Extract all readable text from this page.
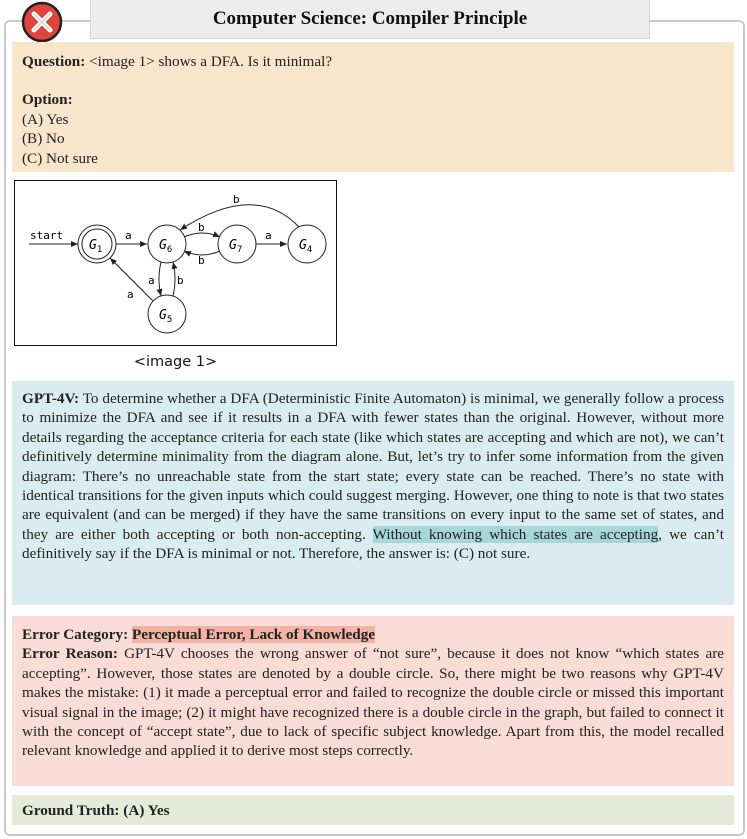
Computer Science: Compiler Principle

Question: <image 1> shows a DFA. Is it minimal?

Option:

(A) Yes

(B) No

(C) Not sure

start
$G_1$	$G_6$	$G_7$	$G_4$
$G_5$
a
b
b
a
b
a b
a
<image 1>
GPT-4V: To determine whether a DFA (Deterministic Finite Automaton) is minimal, we generally follow a process to minimize the DFA and see if it results in a DFA with fewer states than the original. However, without more details regarding the acceptance criteria for each state (like which states are accepting and which are not), we can’t definitively determine minimality from the diagram alone. But, let’s try to infer some information from the given diagram: There’s no unreachable state from the start state; every state can be reached. There’s no state with identical transitions for the given inputs which could suggest merging. However, one thing to note is that two states are equivalent (and can be merged) if they have the same transitions on every input to the same set of states, and they are either both accepting or both non-accepting. Without knowing which states are accepting, we can’t definitively say if the DFA is minimal or not. Therefore, the answer is: (C) not sure.
Error Category: Perceptual Error, Lack of Knowledge
Error Reason: GPT-4V chooses the wrong answer of “not sure”, because it does not know “which states are accepting”. However, those states are denoted by a double circle. So, there might be two reasons why GPT-4V makes the mistake: (1) it made a perceptual error and failed to recognize the double circle or missed this important visual signal in the image; (2) it might have recognized there is a double circle in the graph, but failed to connect it with the concept of “accept state”, due to lack of specific subject knowledge. Apart from this, the model recalled relevant knowledge and applied it to derive most steps correctly.
Ground Truth: (A) Yes
